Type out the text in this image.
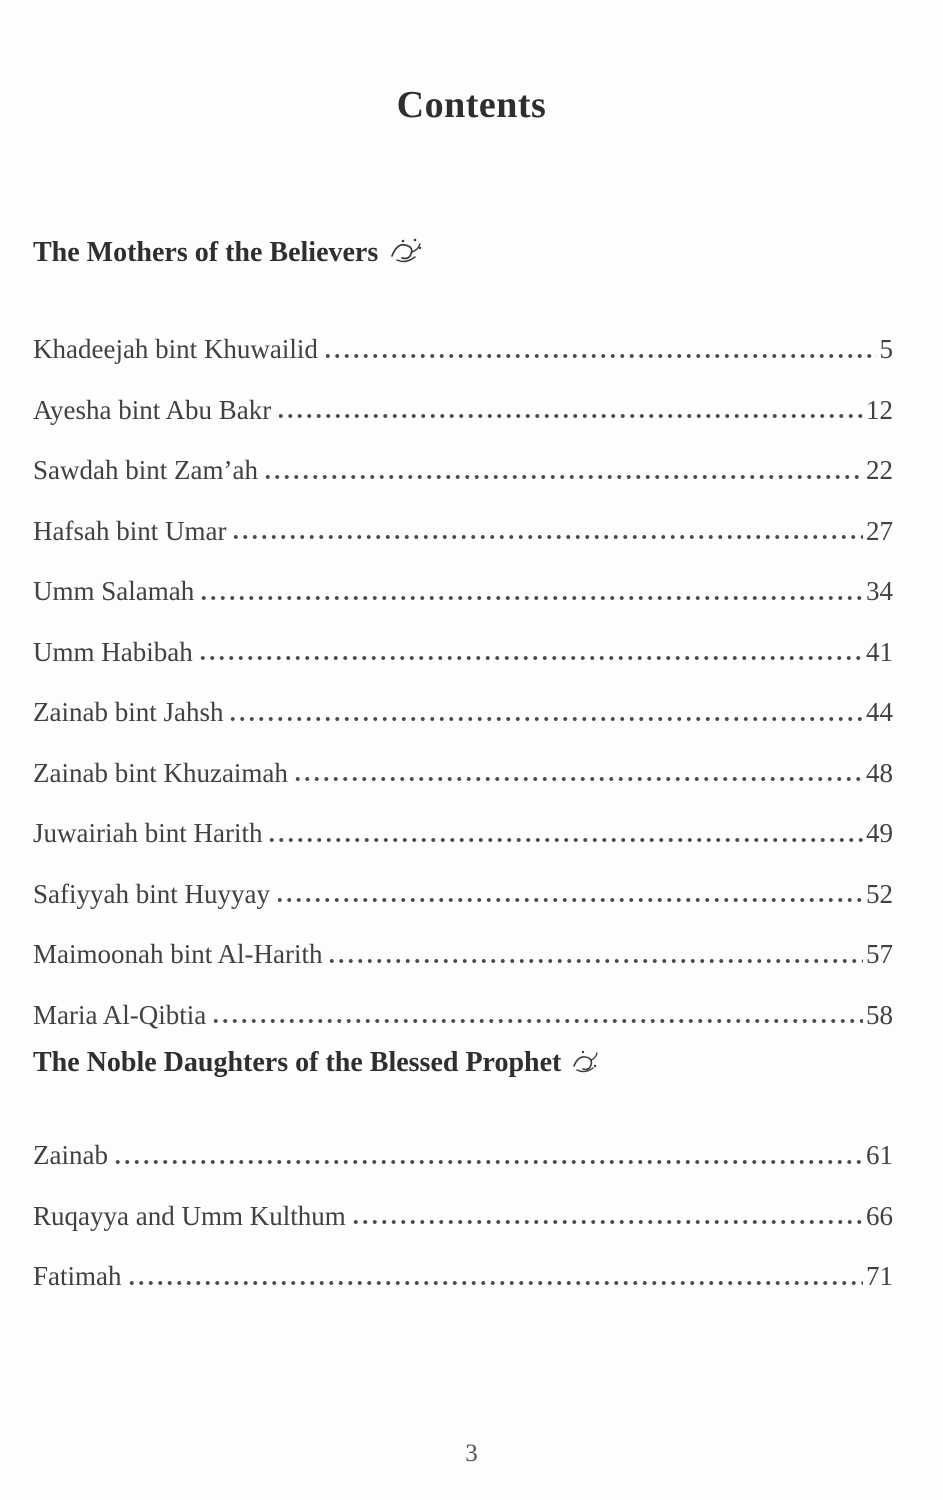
Contents
The Mothers of the Believers
Khadeejah bint Khuwailid	5
Ayesha bint Abu Bakr	12
Sawdah bint Zam’ah	22
Hafsah bint Umar	27
Umm Salamah	34
Umm Habibah	41
Zainab bint Jahsh	44
Zainab bint Khuzaimah	48
Juwairiah bint Harith	49
Safiyyah bint Huyyay	52
Maimoonah bint Al-Harith	57
Maria Al-Qibtia	58
The Noble Daughters of the Blessed Prophet
Zainab	61
Ruqayya and Umm Kulthum	66
Fatimah	71
3
